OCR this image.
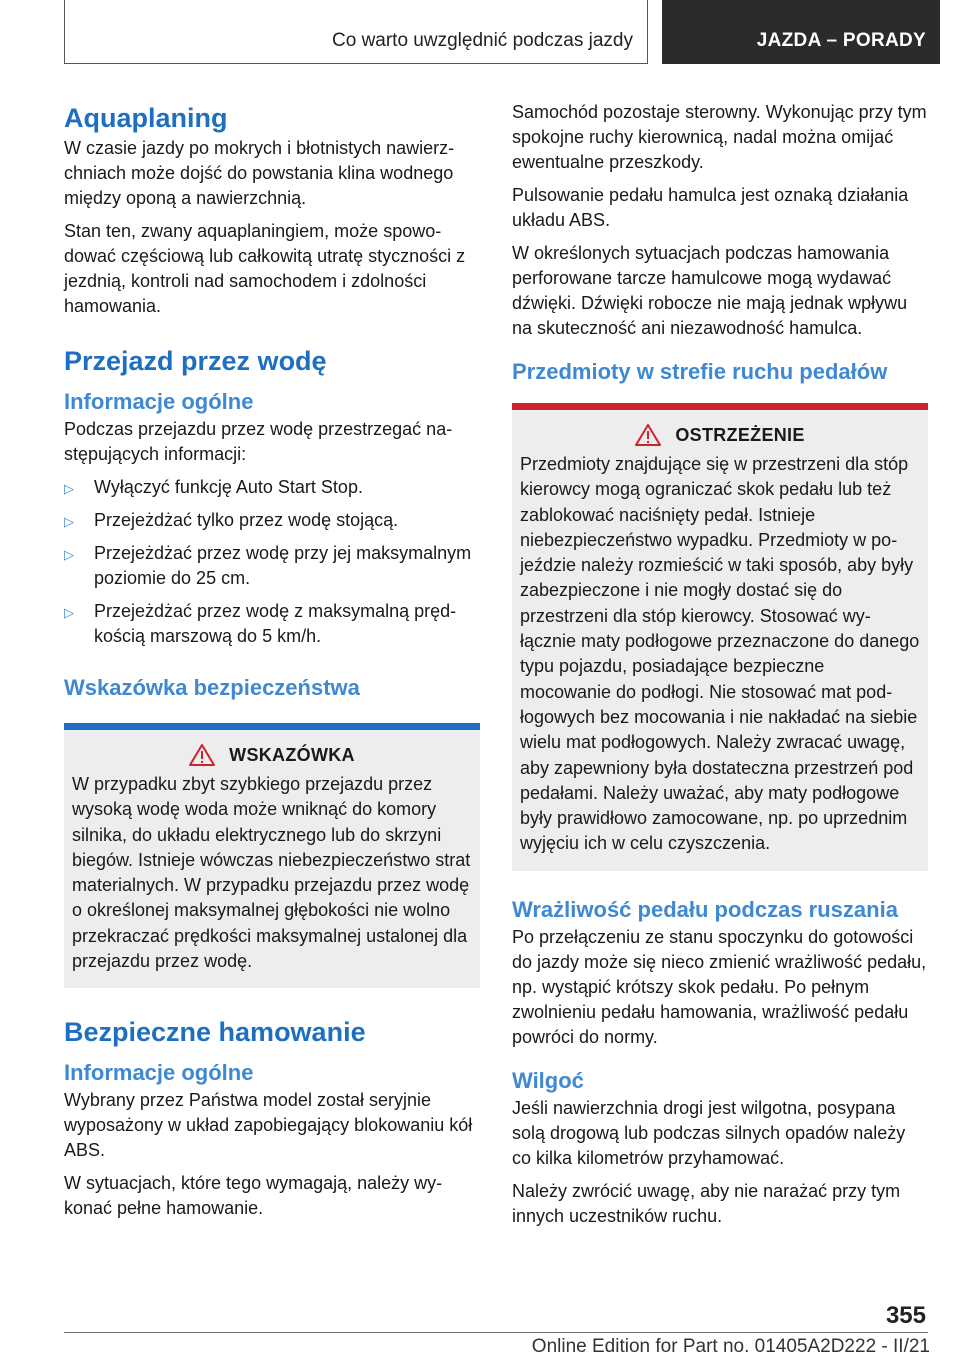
Co warto uwzględnić podczas jazdy	JAZDA – PORADY
Aquaplaning

W czasie jazdy po mokrych i błotnistych nawierzchniach może dojść do powstania klina wodnego między oponą a nawierzchnią.

Stan ten, zwany aquaplaningiem, może spowodować częściową lub całkowitą utratę styczności z jezdnią, kontroli nad samochodem i zdolności hamowania.

Przejazd przez wodę
Informacje ogólne

Podczas przejazdu przez wodę przestrzegać następujących informacji:

▷ Wyłączyć funkcję Auto Start Stop.
▷ Przejeżdżać tylko przez wodę stojącą.
▷ Przejeżdżać przez wodę przy jej maksymalnym poziomie do 25 cm.
▷ Przejeżdżać przez wodę z maksymalną prędkością marszową do 5 km/h.
Wskazówka bezpieczeństwa
WSKAZÓWKA

W przypadku zbyt szybkiego przejazdu przez wysoką wodę woda może wniknąć do komory silnika, do układu elektrycznego lub do skrzyni biegów. Istnieje wówczas niebezpieczeństwo strat materialnych. W przypadku przejazdu przez wodę o określonej maksymalnej głębokości nie wolno przekraczać prędkości maksymalnej ustalonej dla przejazdu przez wodę.

Bezpieczne hamowanie
Informacje ogólne

Wybrany przez Państwa model został seryjnie wyposażony w układ zapobiegający blokowaniu kół ABS.

W sytuacjach, które tego wymagają, należy wykonać pełne hamowanie.

Samochód pozostaje sterowny. Wykonując przy tym spokojne ruchy kierownicą, nadal można omijać ewentualne przeszkody.

Pulsowanie pedału hamulca jest oznaką działania układu ABS.

W określonych sytuacjach podczas hamowania perforowane tarcze hamulcowe mogą wydawać dźwięki. Dźwięki robocze nie mają jednak wpływu na skuteczność ani niezawodność hamulca.

Przedmioty w strefie ruchu pedałów
OSTRZEŻENIE

Przedmioty znajdujące się w przestrzeni dla stóp kierowcy mogą ograniczać skok pedału lub też zablokować naciśnięty pedał. Istnieje niebezpieczeństwo wypadku. Przedmioty w pojeździe należy rozmieścić w taki sposób, aby były zabezpieczone i nie mogły dostać się do przestrzeni dla stóp kierowcy. Stosować wyłącznie maty podłogowe przeznaczone do danego typu pojazdu, posiadające bezpieczne mocowanie do podłogi. Nie stosować mat podłogowych bez mocowania i nie nakładać na siebie wielu mat podłogowych. Należy zwracać uwagę, aby zapewniony była dostateczna przestrzeń pod pedałami. Należy uważać, aby maty podłogowe były prawidłowo zamocowane, np. po uprzednim wyjęciu ich w celu czyszczenia.

Wrażliwość pedału podczas ruszania

Po przełączeniu ze stanu spoczynku do gotowości do jazdy może się nieco zmienić wrażliwość pedału, np. wystąpić krótszy skok pedału. Po pełnym zwolnieniu pedału hamowania, wrażliwość pedału powróci do normy.

Wilgoć

Jeśli nawierzchnia drogi jest wilgotna, posypana solą drogową lub podczas silnych opadów należy co kilka kilometrów przyhamować.

Należy zwrócić uwagę, aby nie narażać przy tym innych uczestników ruchu.

355
Online Edition for Part no. 01405A2D222 - II/21
